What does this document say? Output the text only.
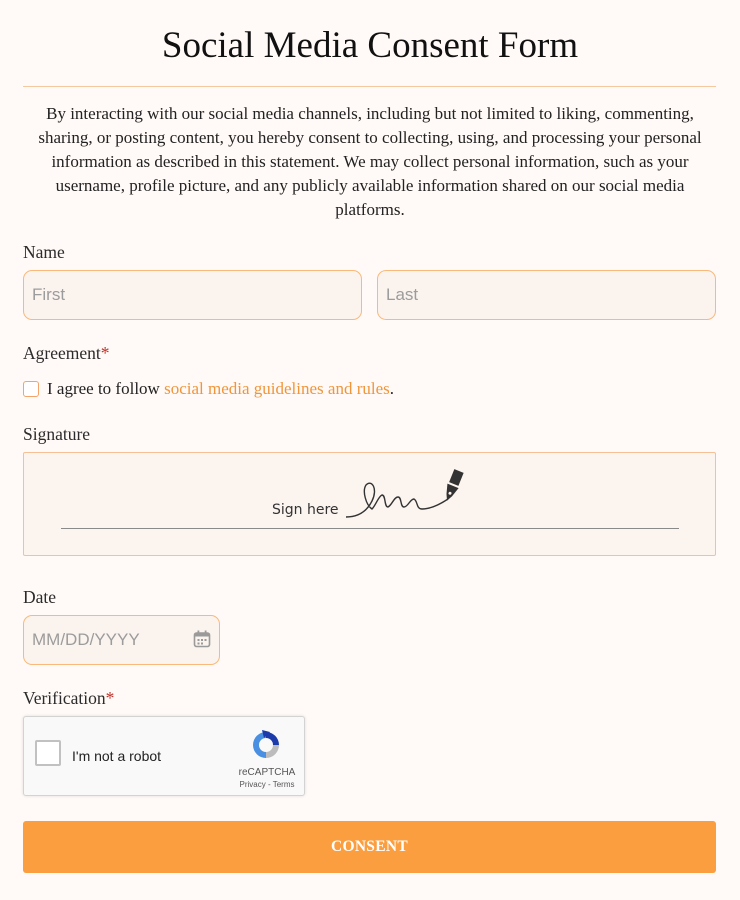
Social Media Consent Form
By interacting with our social media channels, including but not limited to liking, commenting, sharing, or posting content, you hereby consent to collecting, using, and processing your personal information as described in this statement. We may collect personal information, such as your username, profile picture, and any publicly available information shared on our social media platforms.
Name
First	Last
Agreement*
I agree to follow social media guidelines and rules.
Signature
Sign here
Date
MM/DD/YYYY
Verification*
I'm not a robot
reCAPTCHA
Privacy - Terms
CONSENT
